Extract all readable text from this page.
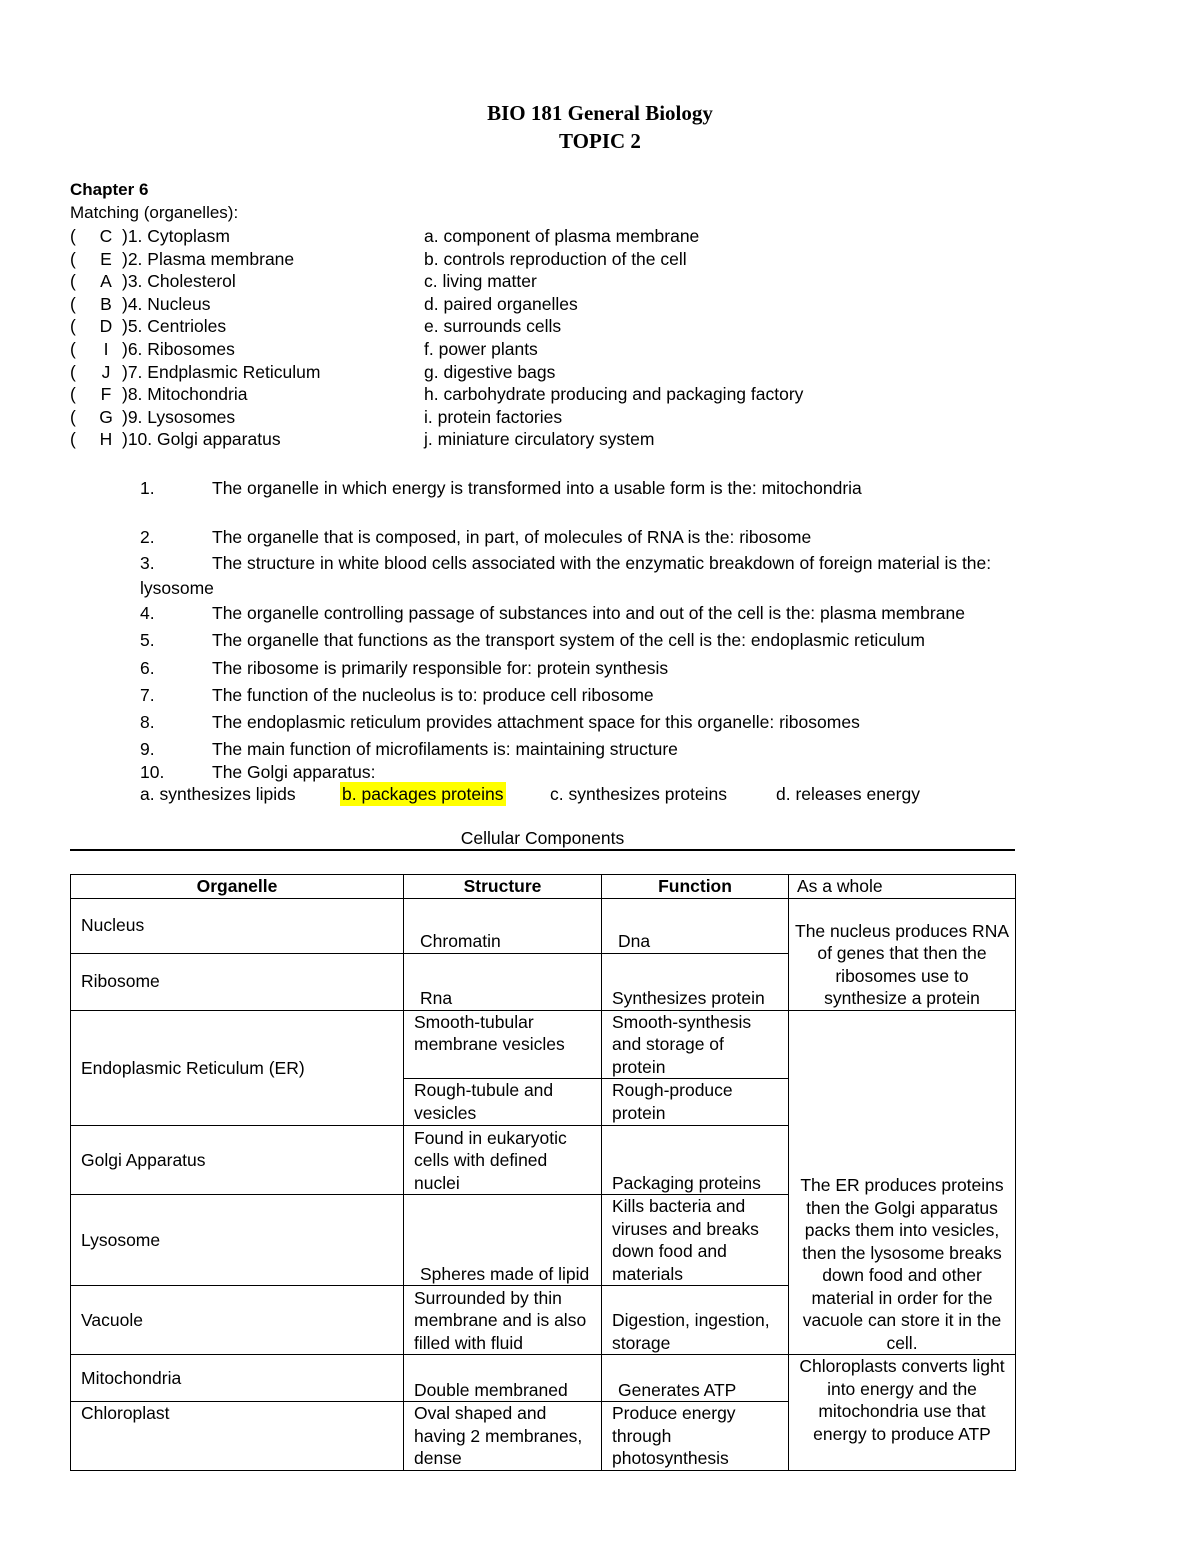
BIO 181 General Biology
TOPIC 2
Chapter 6
Matching (organelles):
(	C )1. Cytoplasm	a. component of plasma membrane
(	E )2. Plasma membrane	b. controls reproduction of the cell
(	A )3. Cholesterol	c. living matter
(	B )4. Nucleus	d. paired organelles
(	D )5. Centrioles	e. surrounds cells
(	I )6. Ribosomes	f. power plants
(	J )7. Endplasmic Reticulum	g. digestive bags
(	F )8. Mitochondria	h. carbohydrate producing and packaging factory
(	G )9. Lysosomes	i. protein factories
(	H )10. Golgi apparatus	j. miniature circulatory system
1.	The organelle in which energy is transformed into a usable form is the: mitochondria
2.	The organelle that is composed, in part, of molecules of RNA is the: ribosome
3.	The structure in white blood cells associated with the enzymatic breakdown of foreign material is the:
lysosome
4.	The organelle controlling passage of substances into and out of the cell is the: plasma membrane
5.	The organelle that functions as the transport system of the cell is the: endoplasmic reticulum
6.	The ribosome is primarily responsible for: protein synthesis
7.	The function of the nucleolus is to: produce cell ribosome
8.	The endoplasmic reticulum provides attachment space for this organelle: ribosomes
9.	The main function of microfilaments is: maintaining structure
10.	The Golgi apparatus:
a. synthesizes lipids	b. packages proteins	c. synthesizes proteins	d. releases energy
Cellular Components
Organelle	Structure	Function	As a whole
Nucleus	Chromatin	Dna	The nucleus produces RNA of genes that then the ribosomes use to synthesize a protein
Ribosome	Rna	Synthesizes protein	
Endoplasmic Reticulum (ER)	Smooth-tubular membrane vesicles	Smooth-synthesis and storage of protein	The ER produces proteins then the Golgi apparatus packs them into vesicles, then the lysosome breaks down food and other material in order for the vacuole can store it in the cell.
	Rough-tubule and vesicles	Rough-produce protein	
Golgi Apparatus	Found in eukaryotic cells with defined nuclei	Packaging proteins	
Lysosome	Spheres made of lipid	Kills bacteria and viruses and breaks down food and materials	
Vacuole	Surrounded by thin membrane and is also filled with fluid	Digestion, ingestion, storage	
Mitochondria	Double membraned	Generates ATP	Chloroplasts converts light into energy and the mitochondria use that energy to produce ATP
Chloroplast	Oval shaped and having 2 membranes, dense	Produce energy through photosynthesis	
